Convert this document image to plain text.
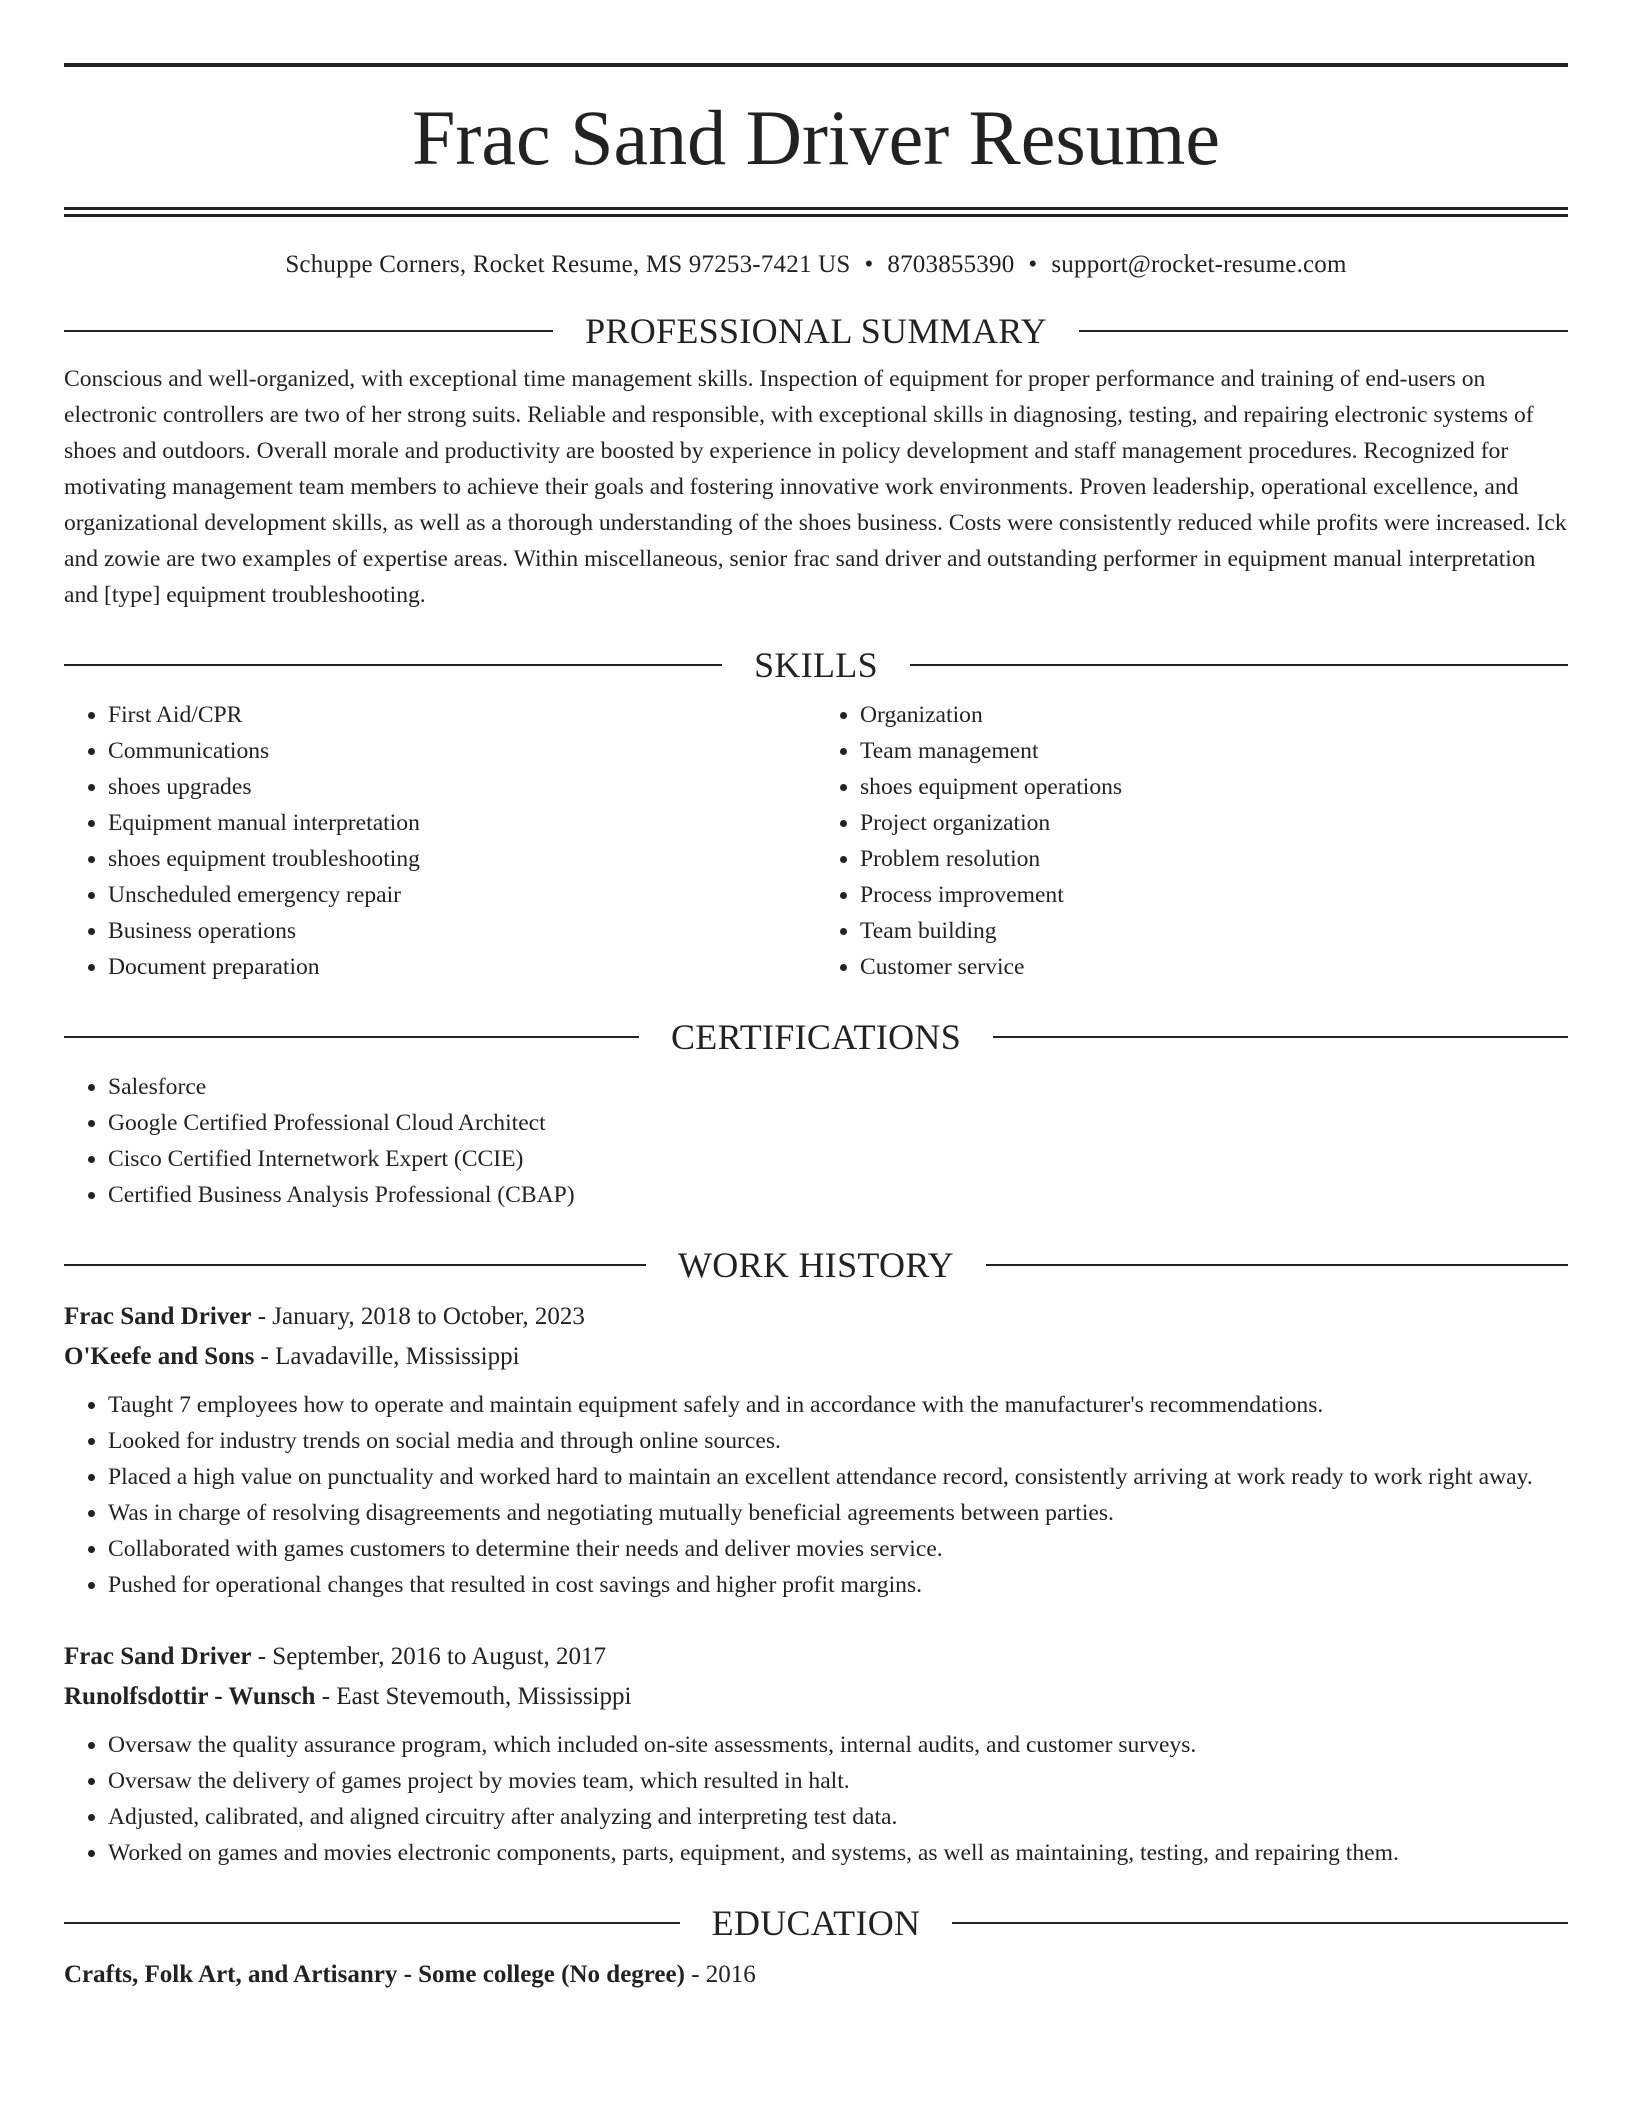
Frac Sand Driver Resume
Schuppe Corners, Rocket Resume, MS 97253-7421 US • 8703855390 • support@rocket-resume.com
PROFESSIONAL SUMMARY

Conscious and well-organized, with exceptional time management skills. Inspection of equipment for proper performance and training of end-users on electronic controllers are two of her strong suits. Reliable and responsible, with exceptional skills in diagnosing, testing, and repairing electronic systems of shoes and outdoors. Overall morale and productivity are boosted by experience in policy development and staff management procedures. Recognized for motivating management team members to achieve their goals and fostering innovative work environments. Proven leadership, operational excellence, and organizational development skills, as well as a thorough understanding of the shoes business. Costs were consistently reduced while profits were increased. Ick and zowie are two examples of expertise areas. Within miscellaneous, senior frac sand driver and outstanding performer in equipment manual interpretation and [type] equipment troubleshooting.

SKILLS
• First Aid/CPR
• Communications
• shoes upgrades
• Equipment manual interpretation
• shoes equipment troubleshooting
• Unscheduled emergency repair
• Business operations
• Document preparation
• Organization
• Team management
• shoes equipment operations
• Project organization
• Problem resolution
• Process improvement
• Team building
• Customer service
CERTIFICATIONS
• Salesforce
• Google Certified Professional Cloud Architect
• Cisco Certified Internetwork Expert (CCIE)
• Certified Business Analysis Professional (CBAP)
WORK HISTORY
Frac Sand Driver - January, 2018 to October, 2023
O'Keefe and Sons - Lavadaville, Mississippi
• Taught 7 employees how to operate and maintain equipment safely and in accordance with the manufacturer's recommendations.
• Looked for industry trends on social media and through online sources.
• Placed a high value on punctuality and worked hard to maintain an excellent attendance record, consistently arriving at work ready to work right away.
• Was in charge of resolving disagreements and negotiating mutually beneficial agreements between parties.
• Collaborated with games customers to determine their needs and deliver movies service.
• Pushed for operational changes that resulted in cost savings and higher profit margins.
Frac Sand Driver - September, 2016 to August, 2017
Runolfsdottir - Wunsch - East Stevemouth, Mississippi
• Oversaw the quality assurance program, which included on-site assessments, internal audits, and customer surveys.
• Oversaw the delivery of games project by movies team, which resulted in halt.
• Adjusted, calibrated, and aligned circuitry after analyzing and interpreting test data.
• Worked on games and movies electronic components, parts, equipment, and systems, as well as maintaining, testing, and repairing them.
EDUCATION
Crafts, Folk Art, and Artisanry - Some college (No degree) - 2016
